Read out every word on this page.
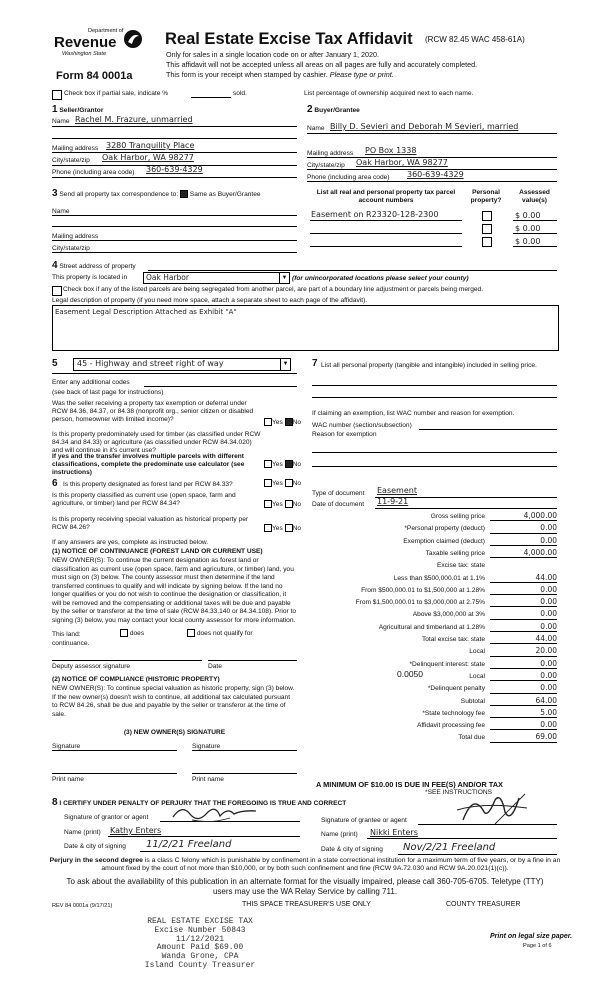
Department of
Revenue
Washington State
Form 84 0001a
Real Estate Excise Tax Affidavit (RCW 82.45 WAC 458-61A)
Only for sales in a single location code on or after January 1, 2020.
This affidavit will not be accepted unless all areas on all pages are fully and accurately completed.
This form is your receipt when stamped by cashier. Please type or print.
Check box if partial sale, indicate %	sold.	List percentage of ownership acquired next to each name.
1 Seller/Grantor
Name Rachel M. Frazure, unmarried
Mailing address 3280 Tranquility Place
City/state/zip Oak Harbor, WA 98277
Phone (including area code) 360-639-4329
2 Buyer/Grantee
Name Billy D. Sevieri and Deborah M Sevieri, married
Mailing address PO Box 1338
City/state/zip Oak Harbor, WA 98277
Phone (including area code) 360-639-4329
3 Send all property tax correspondence to: Same as Buyer/Grantee
Name
Mailing address
City/state/zip
List all real and personal property tax parcel account numbers
Personal property?
Assessed value(s)
Easement on R23320-128-2300	$ 0.00
$ 0.00
$ 0.00
4 Street address of property
This property is located in	Oak Harbor	▼ (for unincorporated locations please select your county)
Check box if any of the listed parcels are being segregated from another parcel, are part of a boundary line adjustment or parcels being merged.
Legal description of property (if you need more space, attach a separate sheet to each page of the affidavit).
Easement Legal Description Attached as Exhibit "A"
5 45 - Highway and street right of way	▼
Enter any additional codes
(see back of last page for instructions)
Was the seller receiving a property tax exemption or deferral under RCW 84.36, 84.37, or 84.38 (nonprofit org., senior citizen or disabled person, homeowner with limited income)?	Yes No
Is this property predominately used for timber (as classified under RCW 84.34 and 84.33) or agriculture (as classified under RCW 84.34.020) and will continue in it's current use?
If yes and the transfer involves multiple parcels with different classifications, complete the predominate use calculator (see instructions)
Yes No
6 Is this property designated as forest land per RCW 84.33?	Yes No
Is this property classified as current use (open space, farm and agriculture, or timber) land per RCW 84.34?	Yes No
Is this property receiving special valuation as historical property per RCW 84.26?	Yes No
If any answers are yes, complete as instructed below.
(1) NOTICE OF CONTINUANCE (FOREST LAND OR CURRENT USE)
NEW OWNER(S): To continue the current designation as forest land or classification as current use (open space, farm and agriculture, or timber) land, you must sign on (3) below. The county assessor must then determine if the land transferred continues to qualify and will indicate by signing below. If the land no longer qualifies or you do not wish to continue the designation or classification, it will be removed and the compensating or additional taxes will be due and payable by the seller or transferor at the time of sale (RCW 84.33.140 or 84.34.108). Prior to signing (3) below, you may contact your local county assessor for more information.
This land:	does	does not qualify for
continuance.
Deputy assessor signature	Date
(2) NOTICE OF COMPLIANCE (HISTORIC PROPERTY)
NEW OWNER(S): To continue special valuation as historic property, sign (3) below. If the new owner(s) doesn't wish to continue, all additional tax calculated pursuant to RCW 84.26, shall be due and payable by the seller or transferor at the time of sale.
(3) NEW OWNER(S) SIGNATURE
Signature	Signature
Print name	Print name
7 List all personal property (tangible and intangible) included in selling price.
If claiming an exemption, list WAC number and reason for exemption.
WAC number (section/subsection)
Reason for exemption
Type of document Easement
Date of document 11-9-21
Gross selling price	4,000.00
*Personal property (deduct)	0.00
Exemption claimed (deduct)	0.00
Taxable selling price	4,000.00
Excise tax: state
Less than $500,000.01 at 1.1%	44.00
From $500,000.01 to $1,500,000 at 1.28%	0.00
From $1,500,000.01 to $3,000,000 at 2.75%	0.00
Above $3,000,000 at 3%	0.00
Agricultural and timberland at 1.28%	0.00
Total excise tax: state	44.00
Local	20.00
*Delinquent interest: state	0.00
Local	0.00
*Delinquent penalty	0.00
Subtotal	64.00
*State technology fee	5.00
Affidavit processing fee	0.00
Total due	69.00
0.0050
A MINIMUM OF $10.00 IS DUE IN FEE(S) AND/OR TAX
*SEE INSTRUCTIONS
8 I CERTIFY UNDER PENALTY OF PERJURY THAT THE FOREGOING IS TRUE AND CORRECT
Signature of grantor or agent
Name (print) Kathy Enters
Date & city of signing 11/2/21 Freeland
Signature of grantee or agent
Name (print) Nikki Enters
Date & city of signing Nov/2/21 Freeland
Perjury in the second degree is a class C felony which is punishable by confinement in a state correctional institution for a maximum term of five years, or by a fine in an amount fixed by the court of not more than $10,000, or by both such confinement and fine (RCW 9A.72.030 and RCW 9A.20.021(1)(c)).
To ask about the availability of this publication in an alternate format for the visually impaired, please call 360-705-6705. Teletype (TTY) users may use the WA Relay Service by calling 711.
REV 84 0001a (9/17/21)	THIS SPACE TREASURER'S USE ONLY	COUNTY TREASURER
REAL ESTATE EXCISE TAX
Excise Number 50843
11/12/2021
Amount Paid $69.00
Wanda Grone, CPA
Island County Treasurer
Print on legal size paper.
Page 1 of 6
